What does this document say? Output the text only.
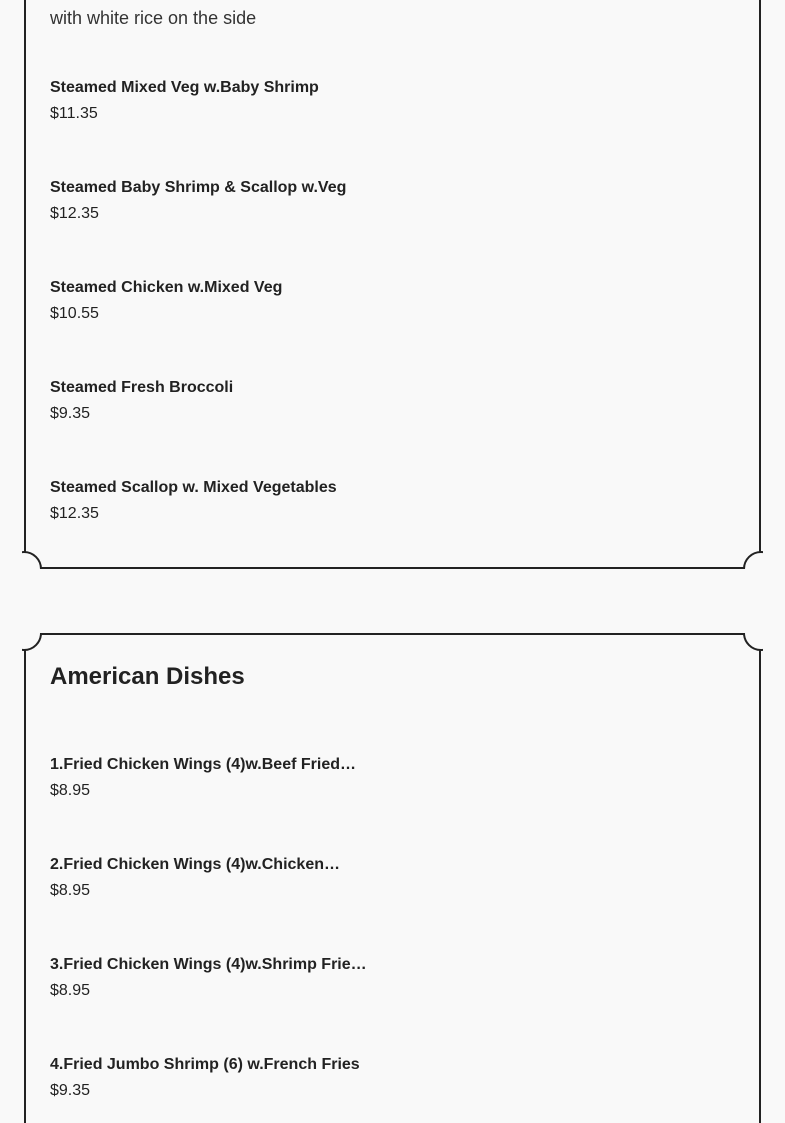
with white rice on the side
Steamed Mixed Veg w.Baby Shrimp
$11.35
Steamed Baby Shrimp & Scallop w.Veg
$12.35
Steamed Chicken w.Mixed Veg
$10.55
Steamed Fresh Broccoli
$9.35
Steamed Scallop w. Mixed Vegetables
$12.35
American Dishes
1.Fried Chicken Wings (4)w.Beef Fried…
$8.95
2.Fried Chicken Wings (4)w.Chicken…
$8.95
3.Fried Chicken Wings (4)w.Shrimp Frie…
$8.95
4.Fried Jumbo Shrimp (6) w.French Fries
$9.35
